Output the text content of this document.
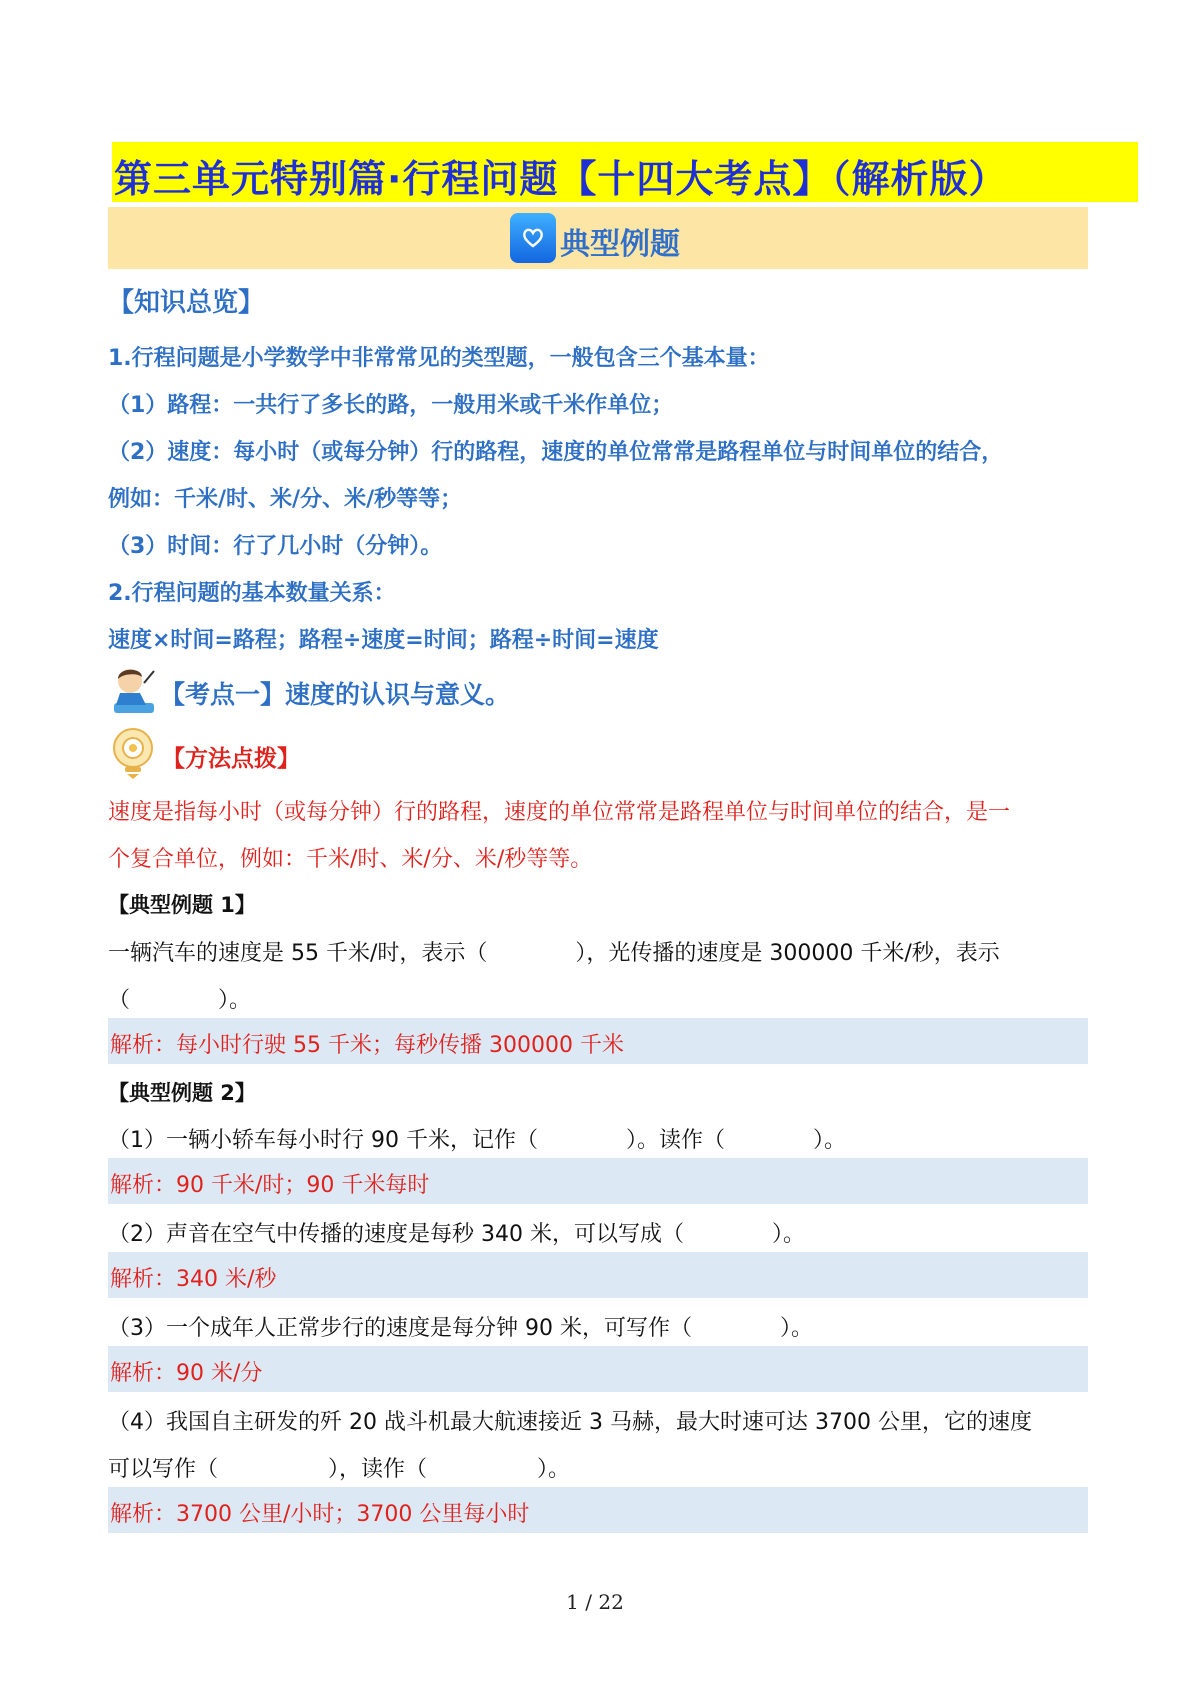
第三单元特别篇·行程问题【十四大考点】（解析版）
典型例题
【知识总览】
1.行程问题是小学数学中非常常见的类型题，一般包含三个基本量：
（1）路程：一共行了多长的路，一般用米或千米作单位；
（2）速度：每小时（或每分钟）行的路程，速度的单位常常是路程单位与时间单位的结合，
例如：千米/时、米/分、米/秒等等；
（3）时间：行了几小时（分钟）。
2.行程问题的基本数量关系：
速度×时间=路程；路程÷速度=时间；路程÷时间=速度
【考点一】速度的认识与意义。
【方法点拨】
速度是指每小时（或每分钟）行的路程，速度的单位常常是路程单位与时间单位的结合，是一
个复合单位，例如：千米/时、米/分、米/秒等等。
【典型例题 1】
一辆汽车的速度是 55 千米/时，表示（　　　　），光传播的速度是 300000 千米/秒，表示
（　　　　）。
解析：每小时行驶 55 千米；每秒传播 300000 千米
【典型例题 2】
（1）一辆小轿车每小时行 90 千米，记作（　　　　）。读作（　　　　）。
解析：90 千米/时；90 千米每时
（2）声音在空气中传播的速度是每秒 340 米，可以写成（　　　　）。
解析：340 米/秒
（3）一个成年人正常步行的速度是每分钟 90 米，可写作（　　　　）。
解析：90 米/分
（4）我国自主研发的歼 20 战斗机最大航速接近 3 马赫，最大时速可达 3700 公里，它的速度
可以写作（　　　　　），读作（　　　　　）。
解析：3700 公里/小时；3700 公里每小时
1 / 22
